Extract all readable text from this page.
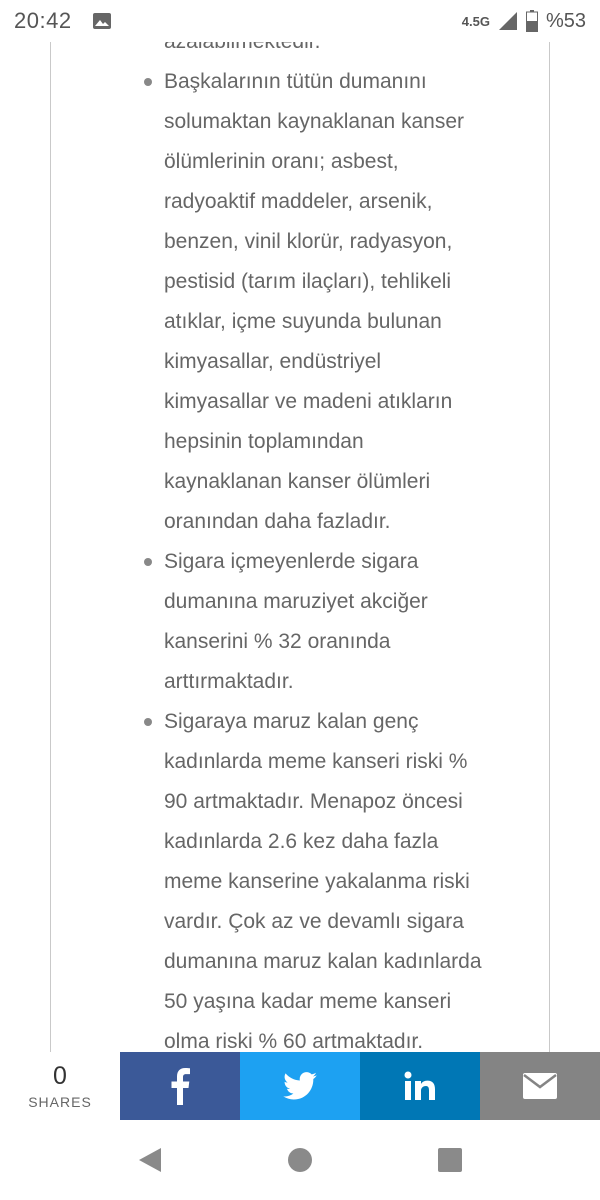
Başkalarının tütün dumanını
solumaktan kaynaklanan kanser
ölümlerinin oranı; asbest,
radyoaktif maddeler, arsenik,
benzen, vinil klorür, radyasyon,
pestisid (tarım ilaçları), tehlikeli
atıklar, içme suyunda bulunan
kimyasallar, endüstriyel
kimyasallar ve madeni atıkların
hepsinin toplamından
kaynaklanan kanser ölümleri
oranından daha fazladır.
Sigara içmeyenlerde sigara
dumanına maruziyet akciğer
kanserini % 32 oranında
arttırmaktadır.
Sigaraya maruz kalan genç
kadınlarda meme kanseri riski %
90 artmaktadır. Menapoz öncesi
kadınlarda 2.6 kez daha fazla
meme kanserine yakalanma riski
vardır. Çok az ve devamlı sigara
dumanına maruz kalan kadınlarda
50 yaşına kadar meme kanseri
olma riski % 60 artmaktadır.
20:42	4.5G	%53
0
SHARES
